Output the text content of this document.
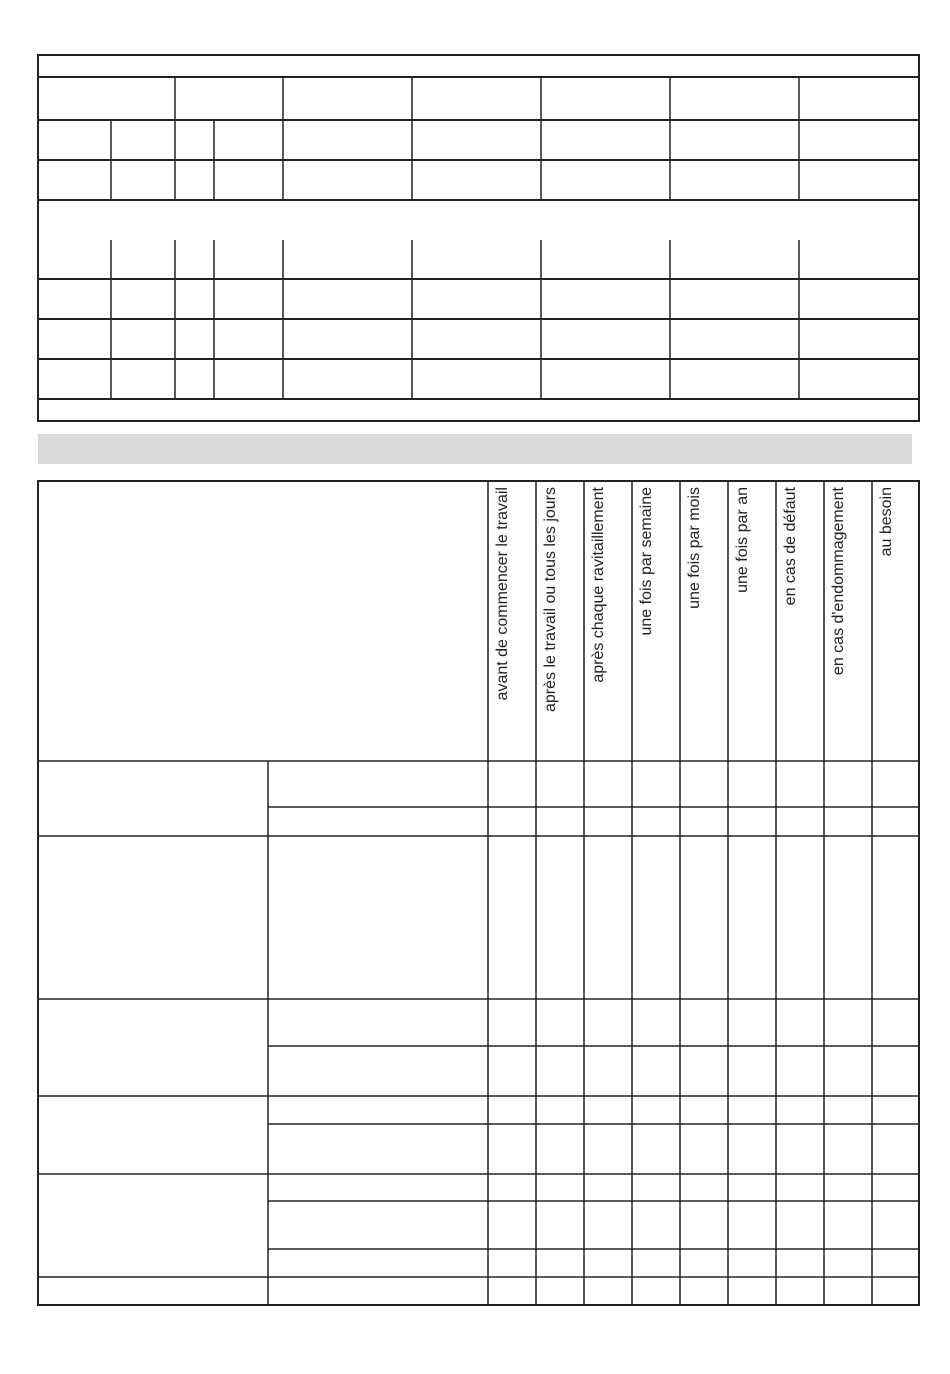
avant de commencer le travail après le travail ou tous les jours après chaque ravitaillement une fois par semaine une fois par mois une fois par an en cas de défaut en cas d'endommagement au besoin
